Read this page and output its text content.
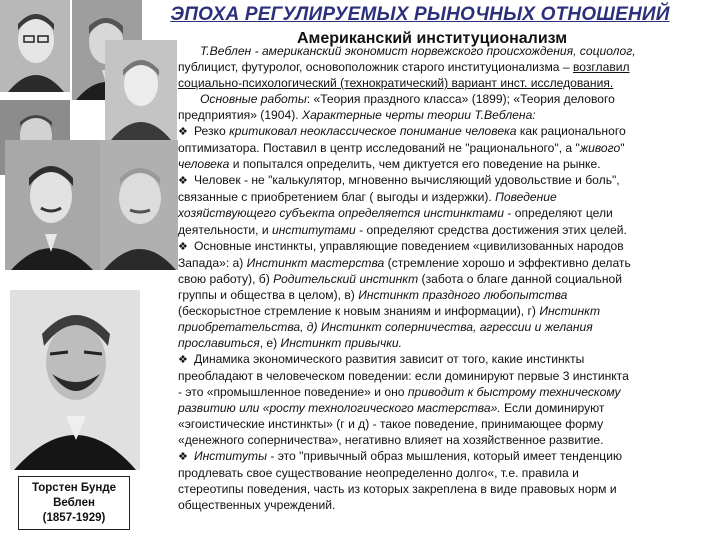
ЭПОХА РЕГУЛИРУЕМЫХ РЫНОЧНЫХ ОТНОШЕНИЙ
Американский институционализм
Торстен Бунде
Веблен
(1857-1929)

Т.Веблен - американский экономист норвежского происхождения, социолог,

публицист, футуролог, основоположник старого институционализма – возглавил

социально-психологический (технократический) вариант инст. исследования.

Основные работы: «Теория праздного класса» (1899); «Теория делового

предприятия» (1904). Характерные черты теории Т.Веблена:

❖ Резко критиковал неоклассическое понимание человека как рационального

оптимизатора. Поставил в центр исследований не "рационального", а "живого"

человека и попытался определить, чем диктуется его поведение на рынке.

❖ Человек - не "калькулятор, мгновенно вычисляющий удовольствие и боль",

связанные с приобретением благ ( выгоды и издержки). Поведение

хозяйствующего субъекта определяется инстинктами - определяют цели

деятельности, и институтами - определяют средства достижения этих целей.

❖ Основные инстинкты, управляющие поведением «цивилизованных народов

Запада»: а) Инстинкт мастерства (стремление хорошо и эффективно делать

свою работу), б) Родительский инстинкт (забота о благе данной социальной

группы и общества в целом), в) Инстинкт праздного любопытства

(бескорыстное стремление к новым знаниям и информации), г) Инстинкт

приобретательства, д) Инстинкт соперничества, агрессии и желания

прославиться, е) Инстинкт привычки.

❖ Динамика экономического развития зависит от того, какие инстинкты

преобладают в человеческом поведении: если доминируют первые 3 инстинкта

- это «промышленное поведение» и оно приводит к быстрому техническому

развитию или «росту технологического мастерства». Если доминируют

«эгоистические инстинкты» (г и д) - такое поведение, принимающее форму

«денежного соперничества», негативно влияет на хозяйственное развитие.

❖ Институты - это "привычный образ мышления, который имеет тенденцию

продлевать свое существование неопределенно долго«, т.е. правила и

стереотипы поведения, часть из которых закреплена в виде правовых норм и

общественных учреждений.
